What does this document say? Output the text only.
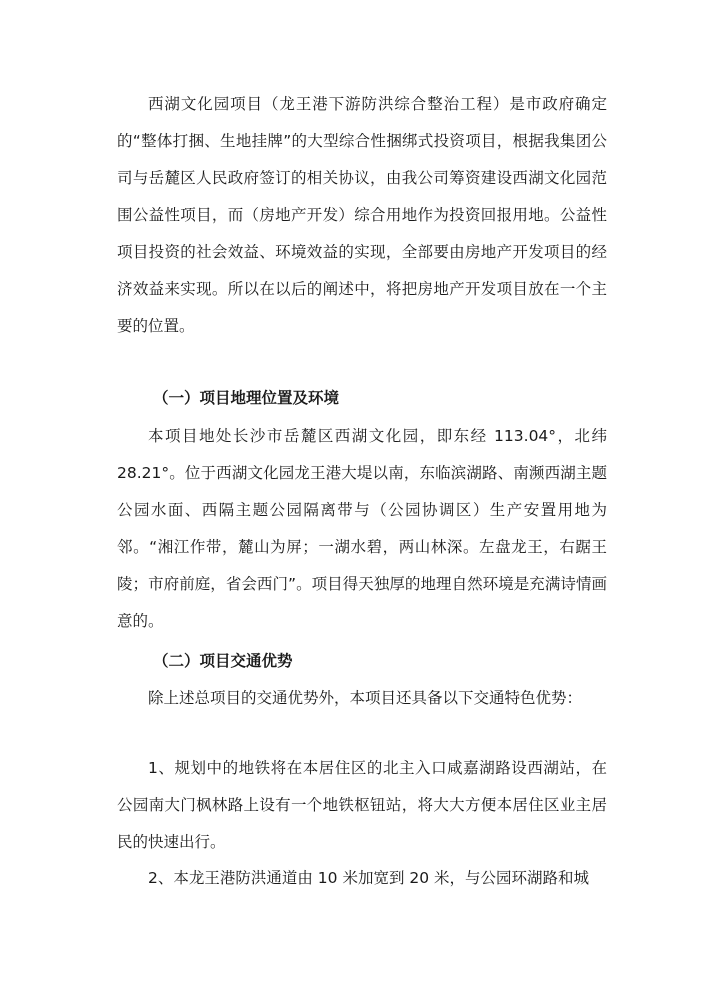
西湖文化园项目（龙王港下游防洪综合整治工程）是市政府确定的“整体打捆、生地挂牌”的大型综合性捆绑式投资项目，根据我集团公司与岳麓区人民政府签订的相关协议，由我公司筹资建设西湖文化园范围公益性项目，而（房地产开发）综合用地作为投资回报用地。公益性项目投资的社会效益、环境效益的实现，全部要由房地产开发项目的经济效益来实现。所以在以后的阐述中，将把房地产开发项目放在一个主要的位置。

（一）项目地理位置及环境

本项目地处长沙市岳麓区西湖文化园，即东经 113.04°，北纬28.21°。位于西湖文化园龙王港大堤以南，东临滨湖路、南濒西湖主题公园水面、西隔主题公园隔离带与（公园协调区）生产安置用地为邻。“湘江作带，麓山为屏；一湖水碧，两山林深。左盘龙王，右踞王陵；市府前庭，省会西门”。项目得天独厚的地理自然环境是充满诗情画意的。

（二）项目交通优势

除上述总项目的交通优势外，本项目还具备以下交通特色优势：

1、规划中的地铁将在本居住区的北主入口咸嘉湖路设西湖站，在公园南大门枫林路上设有一个地铁枢钮站，将大大方便本居住区业主居民的快速出行。

2、本龙王港防洪通道由 10 米加宽到 20 米，与公园环湖路和城
